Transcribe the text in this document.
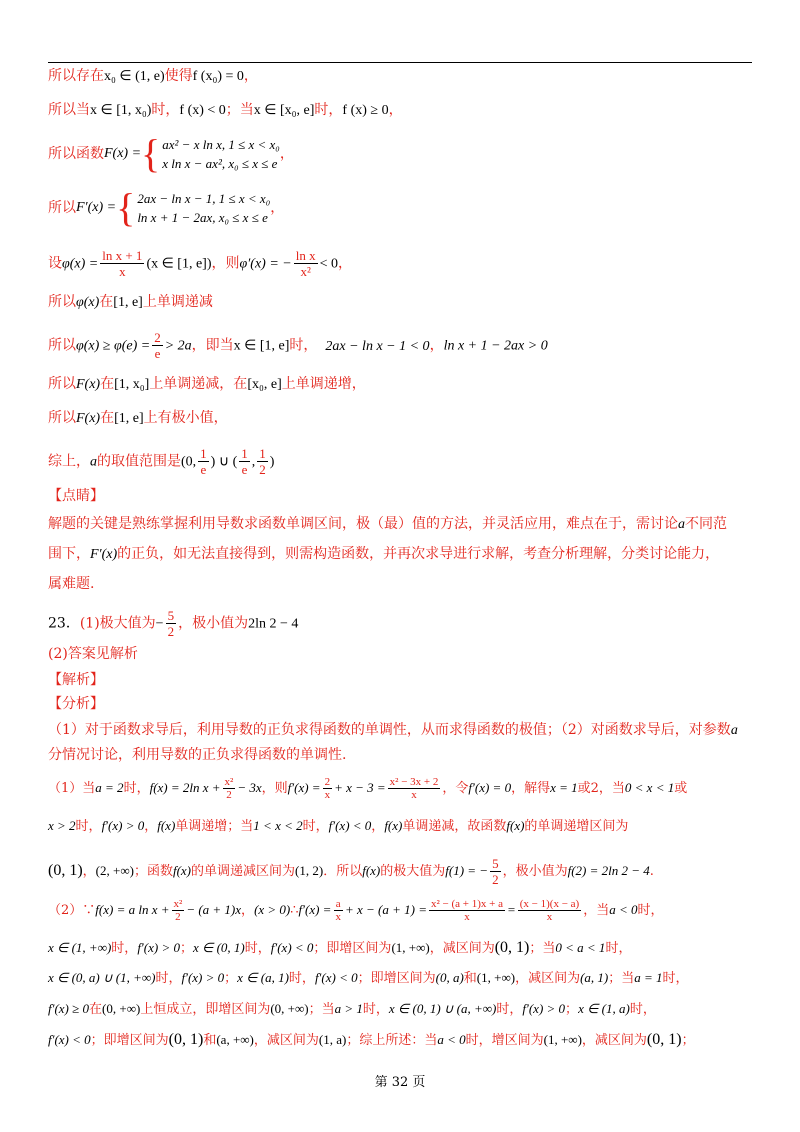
所以存在x₀ ∈ (1, e)使得f (x₀) = 0，
所以当x ∈ [1, x₀)时，f (x) < 0；当x ∈ [x₀, e]时，f (x) ≥ 0，
所以函数 F(x) = { ax² − x ln x, 1 ≤ x < x₀
x ln x − ax², x₀ ≤ x ≤ e
，
所以 F′(x) = { 2ax − ln x − 1, 1 ≤ x < x₀
ln x + 1 − 2ax, x₀ ≤ x ≤ e
，
设$\varphi(x) = \frac{\text{ln x + 1}}{x} (x$ ∈ [1, e])，则φ′(x) = − $\frac{\text{ln x}}{\text{x²}} < 0$，
所以φ(x)在[1, e]上单调递减
所以$\varphi(x) \ge \varphi(e) = \frac{2}{e} > 2a$，即当x ∈ [1, e]时， 2ax − ln x − 1 < 0，ln x + 1 − 2ax > 0
所以F(x)在[1, x₀]上单调递减，在[x₀, e]上单调递增，
所以F(x)在[1, e]上有极小值，
综上，a的取值范围是(0, $\frac{1}{e}$ ) ∪ ( $\frac{1}{e}$ , $\frac{1}{2}$ )
【点睛】
解题的关键是熟练掌握利用导数求函数单调区间，极（最）值的方法，并灵活应用，难点在于，需讨论a不同范
围下，F′(x)的正负，如无法直接得到，则需构造函数，并再次求导进行求解，考查分析理解，分类讨论能力，
属难题.
23．(1)极大值为− $\frac{5}{2}$ ，极小值为2ln 2 − 4
(2)答案见解析
【解析】
【分析】
（1）对于函数求导后，利用导数的正负求得函数的单调性，从而求得函数的极值；（2）对函数求导后，对参数a
分情况讨论，利用导数的正负求得函数的单调性.
（1）当a = 2时，f(x) = 2ln $x + \frac{\text{x²}}{2} - 3x$，则$f'(x) = \frac{2}{x} + x - 3 = \frac{\text{x² − 3x + 2}}{x}$ ，令f′(x) = 0，解得x = 1或2，当0 < x < 1或
x > 2时，f′(x) > 0，f(x)单调递增；当1 < x < 2时，f′(x) < 0，f(x)单调递减，故函数f(x)的单调递增区间为
(0, 1)，(2, +∞)；函数f(x)的单调递减区间为(1, 2)．所以f(x)的极大值为f(1) = − $\frac{5}{2}$ ，极小值为f(2) = 2ln 2 − 4.
（2）∵f(x) = a $\ln x + \frac{\text{x²}}{2} - (a + 1)x$，(x > 0)∴f′(x) = $\frac{a}{x} + x - (a + 1) = \frac{\text{x² − (a + 1)x + a}}{x} = \frac{(x - 1)(x - a)}{x}$ ，当a < 0时，
x ∈ (1, +∞)时，f′(x) > 0；x ∈ (0, 1)时，f′(x) < 0；即增区间为(1, +∞)，减区间为(0, 1)；当0 < a < 1时，
x ∈ (0, a) ∪ (1, +∞)时，f′(x) > 0；x ∈ (a, 1)时，f′(x) < 0；即增区间为(0, a)和(1, +∞)，减区间为(a, 1)；当a = 1时，
f′(x) ≥ 0在(0, +∞)上恒成立，即增区间为(0, +∞)；当a > 1时，x ∈ (0, 1) ∪ (a, +∞)时，f′(x) > 0；x ∈ (1, a)时，
f′(x) < 0；即增区间为(0, 1)和(a, +∞)，减区间为(1, a)；综上所述：当a < 0时，增区间为(1, +∞)，减区间为(0, 1)；
第 32 页
